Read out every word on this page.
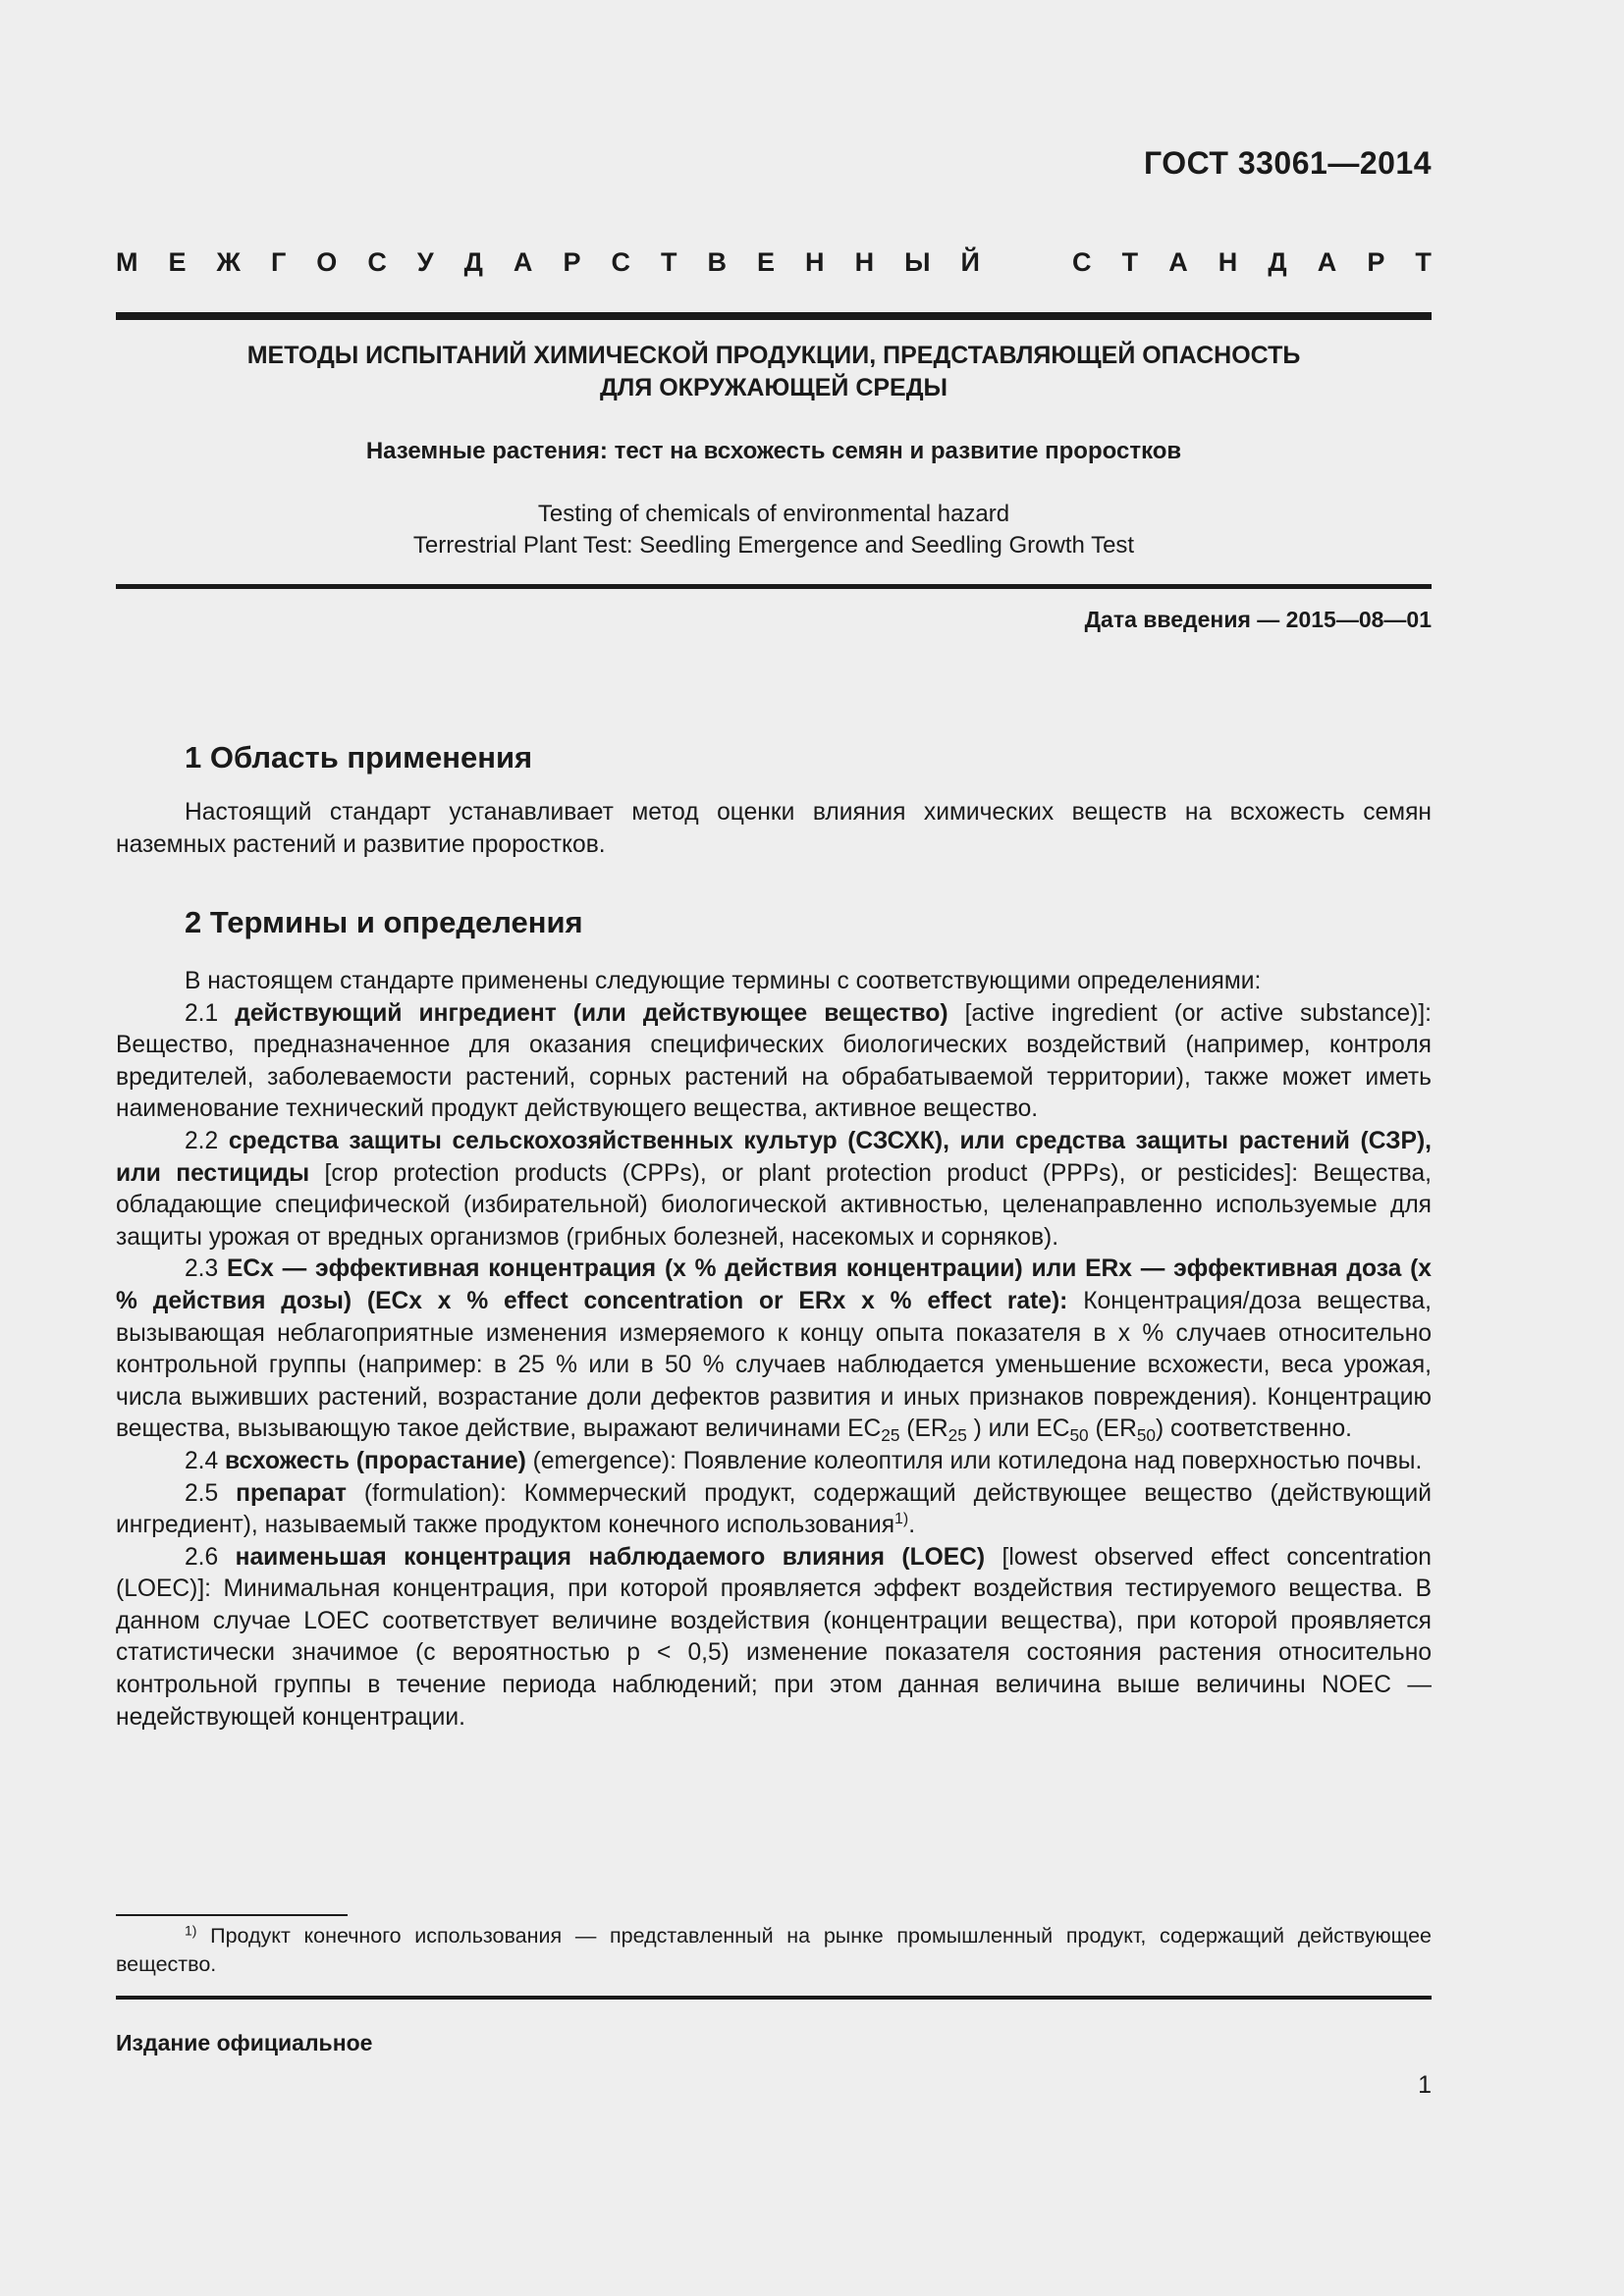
ГОСТ 33061—2014
М Е Ж Г О С У Д А Р С Т В Е Н Н Ы Й	С Т А Н Д А Р Т
МЕТОДЫ ИСПЫТАНИЙ ХИМИЧЕСКОЙ ПРОДУКЦИИ, ПРЕДСТАВЛЯЮЩЕЙ ОПАСНОСТЬ
ДЛЯ ОКРУЖАЮЩЕЙ СРЕДЫ
Наземные растения: тест на всхожесть семян и развитие проростков
Testing of chemicals of environmental hazard
Terrestrial Plant Test: Seedling Emergence and Seedling Growth Test
Дата введения — 2015—08—01
1 Область применения

Настоящий стандарт устанавливает метод оценки влияния химических веществ на всхожесть семян наземных растений и развитие проростков.

2 Термины и определения

В настоящем стандарте применены следующие термины с соответствующими определениями:

2.1 действующий ингредиент (или действующее вещество) [active ingredient (or active substance)]: Вещество, предназначенное для оказания специфических биологических воздействий (например, контроля вредителей, заболеваемости растений, сорных растений на обрабатываемой территории), также может иметь наименование технический продукт действующего вещества, активное вещество.

2.2 средства защиты сельскохозяйственных культур (СЗСХК), или средства защиты растений (СЗР), или пестициды [crop protection products (CPPs), or plant protection product (PPPs), or pesticides]: Вещества, обладающие специфической (избирательной) биологической активностью, целенаправленно используемые для защиты урожая от вредных организмов (грибных болезней, насекомых и сорняков).

2.3 ECx — эффективная концентрация (x % действия концентрации) или ERx — эффективная доза (x % действия дозы) (ECx x % effect concentration or ERx x % effect rate): Концентрация/доза вещества, вызывающая неблагоприятные изменения измеряемого к концу опыта показателя в x % случаев относительно контрольной группы (например: в 25 % или в 50 % случаев наблюдается уменьшение всхожести, веса урожая, числа выживших растений, возрастание доли дефектов развития и иных признаков повреждения). Концентрацию вещества, вызывающую такое действие, выражают величинами $EC_{25}$ ($ER_{25}$ ) или $EC_{50}$ $(ER_{50})$ соответственно.

2.4 всхожесть (прорастание) (emergence): Появление колеоптиля или котиледона над поверхностью почвы.

2.5 препарат (formulation): Коммерческий продукт, содержащий действующее вещество (действующий ингредиент), называемый также продуктом конечного использования$^{1)}$.

2.6 наименьшая концентрация наблюдаемого влияния (LOEC) [lowest observed effect concentration (LOEC)]: Минимальная концентрация, при которой проявляется эффект воздействия тестируемого вещества. В данном случае LOEC соответствует величине воздействия (концентрации вещества), при которой проявляется статистически значимое (с вероятностью p < 0,5) изменение показателя состояния растения относительно контрольной группы в течение периода наблюдений; при этом данная величина выше величины NOEC — недействующей концентрации.

$^{1)}$ Продукт конечного использования — представленный на рынке промышленный продукт, содержащий действующее вещество.
Издание официальное
1
